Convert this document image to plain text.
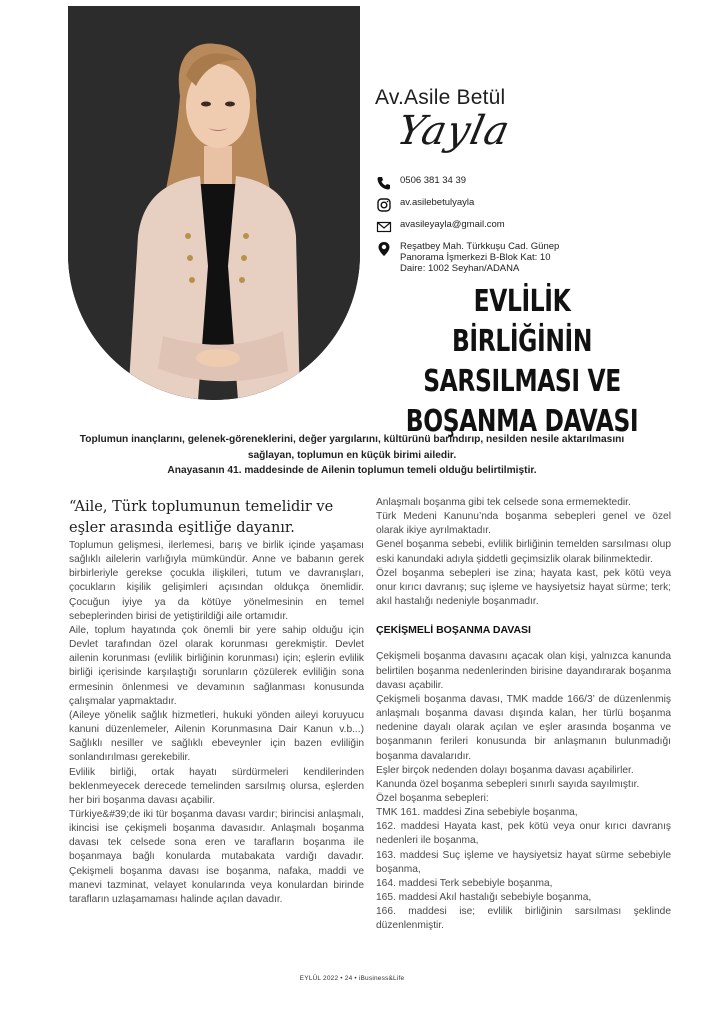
Av.Asile Betül
Yayla
0506 381 34 39
av.asilebetulyayla
avasileyayla@gmail.com
Reşatbey Mah. Türkkuşu Cad. Günep
Panorama İşmerkezi B-Blok Kat: 10
Daire: 1002 Seyhan/ADANA
EVLİLİK BİRLİĞİNİN
SARSILMASI VE
BOŞANMA DAVASI
Toplumun inançlarını, gelenek-göreneklerini, değer yargılarını, kültürünü barındırıp, nesilden nesile aktarılmasını
sağlayan, toplumun en küçük birimi ailedir.
Anayasanın 41. maddesinde de Ailenin toplumun temeli olduğu belirtilmiştir.

“Aile, Türk toplumunun temelidir ve eşler arasında eşitliğe dayanır.

Toplumun gelişmesi, ilerlemesi, barış ve birlik içinde yaşaması sağlıklı ailelerin varlığıyla mümkündür. Anne ve babanın gerek birbirleriyle gerekse çocukla ilişkileri, tutum ve davranışları, çocukların kişilik gelişimleri açısından oldukça önemlidir. Çocuğun iyiye ya da kötüye yönelmesinin en temel sebeplerinden birisi de yetiştirildiği aile ortamıdır.

Aile, toplum hayatında çok önemli bir yere sahip olduğu için Devlet tarafından özel olarak korunması gerekmiştir. Devlet ailenin korunması (evlilik birliğinin korunması) için; eşlerin evlilik birliği içerisinde karşılaştığı sorunların çözülerek evliliğin sona ermesinin önlenmesi ve devamının sağlanması konusunda çalışmalar yapmaktadır.

(Aileye yönelik sağlık hizmetleri, hukuki yönden aileyi koruyucu kanuni düzenlemeler, Ailenin Korunmasına Dair Kanun v.b...) Sağlıklı nesiller ve sağlıklı ebeveynler için bazen evliliğin sonlandırılması gerekebilir.

Evlilik birliği, ortak hayatı sürdürmeleri kendilerinden beklenmeyecek derecede temelinden sarsılmış olursa, eşlerden her biri boşanma davası açabilir.

Türkiye&#39;de iki tür boşanma davası vardır; birincisi anlaşmalı, ikincisi ise çekişmeli boşanma davasıdır. Anlaşmalı boşanma davası tek celsede sona eren ve tarafların boşanma ile boşanmaya bağlı konularda mutabakata vardığı davadır. Çekişmeli boşanma davası ise boşanma, nafaka, maddi ve manevi tazminat, velayet konularında veya konulardan birinde tarafların uzlaşamaması halinde açılan davadır.

Anlaşmalı boşanma gibi tek celsede sona ermemektedir.

Türk Medeni Kanunu’nda boşanma sebepleri genel ve özel olarak ikiye ayrılmaktadır.

Genel boşanma sebebi, evlilik birliğinin temelden sarsılması olup eski kanundaki adıyla şiddetli geçimsizlik olarak bilinmektedir.

Özel boşanma sebepleri ise zina; hayata kast, pek kötü veya onur kırıcı davranış; suç işleme ve haysiyetsiz hayat sürme; terk; akıl hastalığı nedeniyle boşanmadır.

ÇEKİŞMELİ BOŞANMA DAVASI

Çekişmeli boşanma davasını açacak olan kişi, yalnızca kanunda belirtilen boşanma nedenlerinden birisine dayandırarak boşanma davası açabilir.

Çekişmeli boşanma davası, TMK madde 166/3’ de düzenlenmiş anlaşmalı boşanma davası dışında kalan, her türlü boşanma nedenine dayalı olarak açılan ve eşler arasında boşanma ve boşanmanın ferileri konusunda bir anlaşmanın bulunmadığı boşanma davalarıdır.

Eşler birçok nedenden dolayı boşanma davası açabilirler.

Kanunda özel boşanma sebepleri sınırlı sayıda sayılmıştır.

Özel boşanma sebepleri:

TMK 161. maddesi Zina sebebiyle boşanma,

162. maddesi Hayata kast, pek kötü veya onur kırıcı davranış nedenleri ile boşanma,

163. maddesi Suç işleme ve haysiyetsiz hayat sürme sebebiyle boşanma,

164. maddesi Terk sebebiyle boşanma,

165. maddesi Akıl hastalığı sebebiyle boşanma,

166. maddesi ise; evlilik birliğinin sarsılması şeklinde düzenlenmiştir.

EYLÜL 2022 • 24 • iBusiness&Life
